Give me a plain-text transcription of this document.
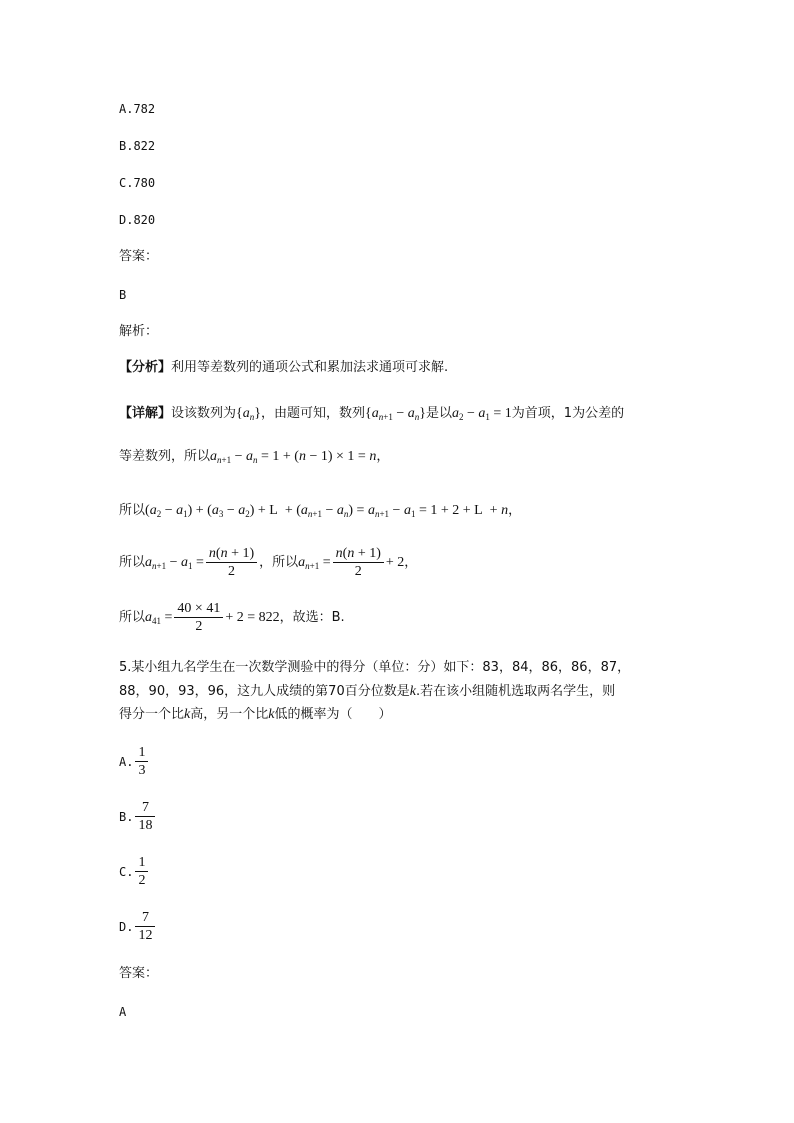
A.782
B.822
C.780
D.820
答案：
B
解析：
【分析】利用等差数列的通项公式和累加法求通项可求解.
【详解】设该数列为$\{a_n\}$，由题可知，数列$\{a_{n+1} - a_n\}$是以$a_2 - a_1 = 1$为首项，1为公差的
等差数列，所以$a_{n+1} - a_n = 1 + (n - 1) \times 1 = n$，
所以$(a_2 - a_1) + (a_3 - a_2) + L + (a_{n+1} - a_n) = a_{n+1} - a_1 = 1 + 2 + L + n$，
所以 $a_{n+1} - a_1 = \frac{n(n + 1)}{2}$ ， 所以 $a_{n+1} = \frac{n(n + 1)}{2} + 2$ ，
所以 $a_{41} = \frac{40 \times 41}{2} + 2 = 822$ ，故选：B.
5.某小组九名学生在一次数学测验中的得分（单位：分）如下：83，84，86，86，87，
88，90，93，96，这九人成绩的第70百分位数是k.若在该小组随机选取两名学生，则
得分一个比k高，另一个比k低的概率为（　　）
A. $\frac{1}{3}$
B. $\frac{7}{18}$
C. $\frac{1}{2}$
D. $\frac{7}{12}$
答案：
A
